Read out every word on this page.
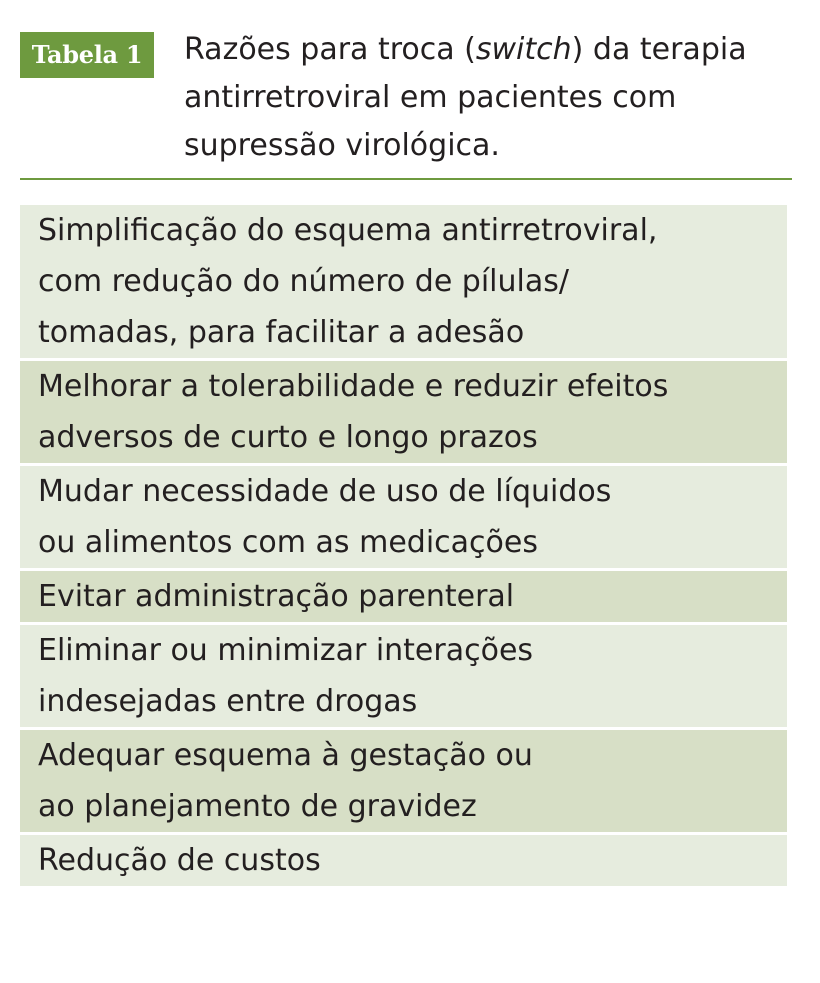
Tabela 1	Razões para troca (switch) da terapia
antirretroviral em pacientes com
supressão virológica.
Simplificação do esquema antirretroviral,
com redução do número de pílulas/
tomadas, para facilitar a adesão
Melhorar a tolerabilidade e reduzir efeitos
adversos de curto e longo prazos
Mudar necessidade de uso de líquidos
ou alimentos com as medicações
Evitar administração parenteral
Eliminar ou minimizar interações
indesejadas entre drogas
Adequar esquema à gestação ou
ao planejamento de gravidez
Redução de custos
